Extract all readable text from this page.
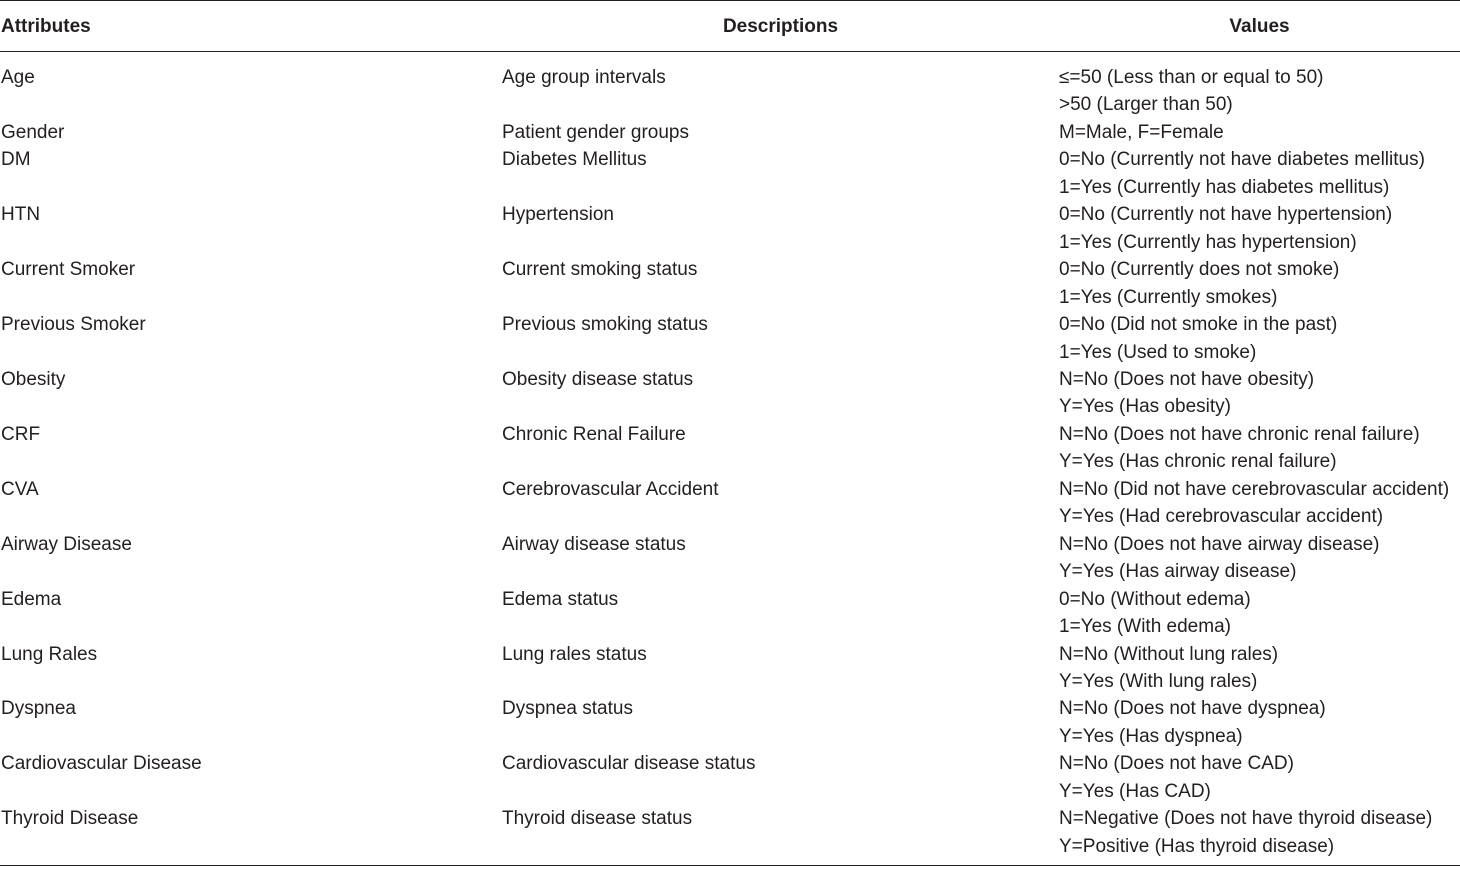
Attributes	Descriptions	Values
Age	Age group intervals	≤=50 (Less than or equal to 50)
>50 (Larger than 50)

Gender	Patient gender groups	M=Male, F=Female

DM	Diabetes Mellitus	0=No (Currently not have diabetes mellitus)
1=Yes (Currently has diabetes mellitus)

HTN	Hypertension	0=No (Currently not have hypertension)
1=Yes (Currently has hypertension)

Current Smoker	Current smoking status	0=No (Currently does not smoke)
1=Yes (Currently smokes)

Previous Smoker	Previous smoking status	0=No (Did not smoke in the past)
1=Yes (Used to smoke)

Obesity	Obesity disease status	N=No (Does not have obesity)
Y=Yes (Has obesity)

CRF	Chronic Renal Failure	N=No (Does not have chronic renal failure)
Y=Yes (Has chronic renal failure)

CVA	Cerebrovascular Accident	N=No (Did not have cerebrovascular accident)
Y=Yes (Had cerebrovascular accident)

Airway Disease	Airway disease status	N=No (Does not have airway disease)
Y=Yes (Has airway disease)

Edema	Edema status	0=No (Without edema)
1=Yes (With edema)

Lung Rales	Lung rales status	N=No (Without lung rales)
Y=Yes (With lung rales)

Dyspnea	Dyspnea status	N=No (Does not have dyspnea)
Y=Yes (Has dyspnea)

Cardiovascular Disease	Cardiovascular disease status	N=No (Does not have CAD)
Y=Yes (Has CAD)

Thyroid Disease	Thyroid disease status	N=Negative (Does not have thyroid disease)
Y=Positive (Has thyroid disease)
